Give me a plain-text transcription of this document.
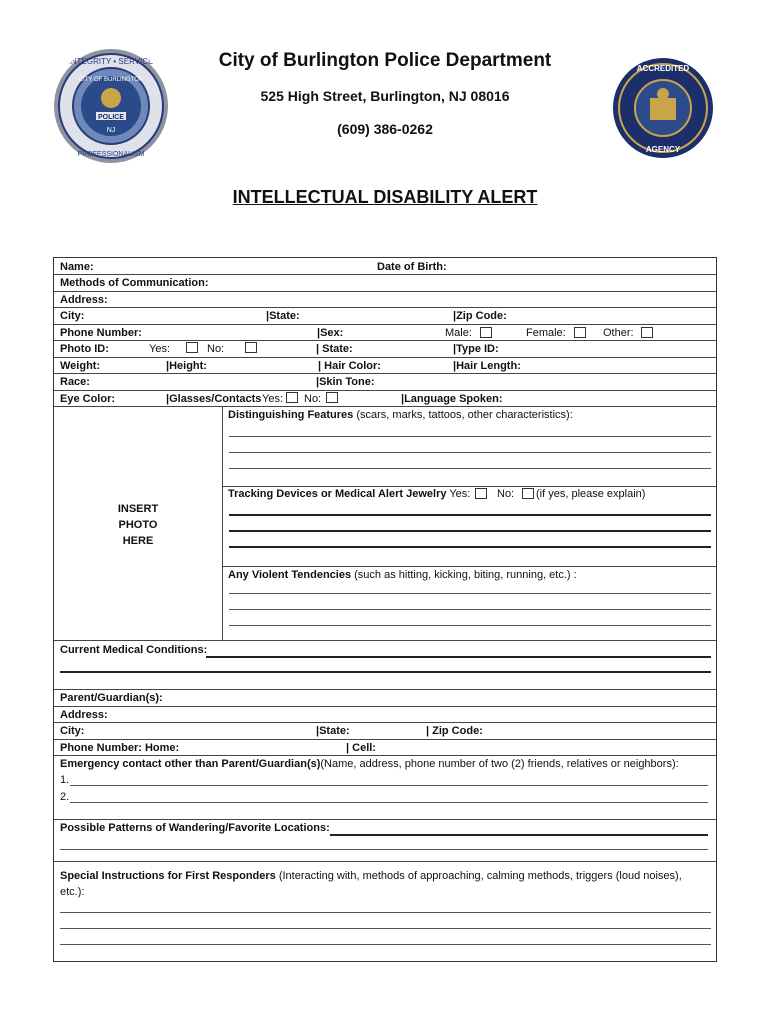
INTEGRITY • SERVICE
PROFESSIONALISM
CITY OF BURLINGTON
POLICE
NJ
City of Burlington Police Department
525 High Street, Burlington, NJ 08016
(609) 386-0262
ACCREDITED
AGENCY
INTELLECTUAL DISABILITY ALERT
Name:	Date of Birth:
Methods of Communication:
Address:
City:	|State:	|Zip Code:
Phone Number:	|Sex:	Male:	Female:	Other:
Photo ID:	Yes:	No:	| State:	|Type ID:
Weight:	|Height:	| Hair Color:	|Hair Length:
Race:	|Skin Tone:
Eye Color:	|Glasses/Contacts Yes: No:	|Language Spoken:
INSERT
PHOTO
HERE
Distinguishing Features (scars, marks, tattoos, other characteristics):
Tracking Devices or Medical Alert Jewelry Yes: No: (if yes, please explain)
Any Violent Tendencies (such as hitting, kicking, biting, running, etc.) :
Current Medical Conditions:
Parent/Guardian(s):
Address:
City:	|State:	| Zip Code:
Phone Number: Home:	| Cell:
Emergency contact other than Parent/Guardian(s)(Name, address, phone number of two (2) friends, relatives or neighbors):
1.
2.
Possible Patterns of Wandering/Favorite Locations:
Special Instructions for First Responders (Interacting with, methods of approaching, calming methods, triggers (loud noises),
etc.):
